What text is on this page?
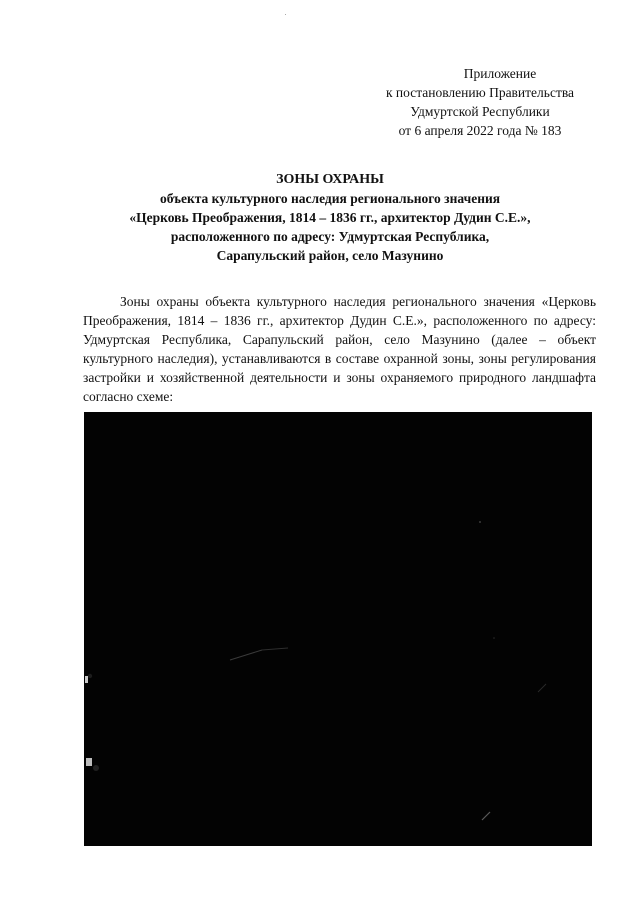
Приложение
к постановлению Правительства
Удмуртской Республики
от 6 апреля 2022 года № 183
ЗОНЫ ОХРАНЫ
объекта культурного наследия регионального значения
«Церковь Преображения, 1814 – 1836 гг., архитектор Дудин С.Е.»,
расположенного по адресу: Удмуртская Республика,
Сарапульский район, село Мазунино

Зоны охраны объекта культурного наследия регионального значения «Церковь Преображения, 1814 – 1836 гг., архитектор Дудин С.Е.», расположенного по адресу: Удмуртская Республика, Сарапульский район, село Мазунино (далее – объект культурного наследия), устанавливаются в составе охранной зоны, зоны регулирования застройки и хозяйственной деятельности и зоны охраняемого природного ландшафта согласно схеме:
